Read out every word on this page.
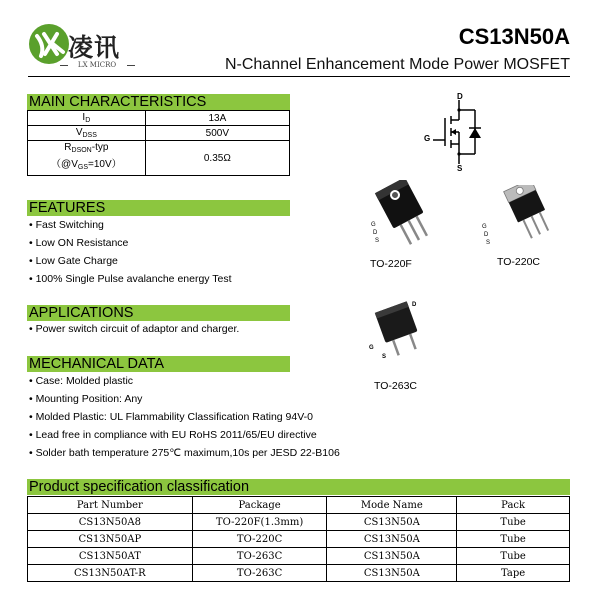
凌讯
LX MICRO
CS13N50A
N-Channel Enhancement Mode Power MOSFET
MAIN CHARACTERISTICS
$I_D$	13A
$V_{DSS}$	500V
$R_{DSON}$-typ
$(@V_{GS}=10V)$	0.35Ω
FEATURES
• Fast Switching
• Low ON Resistance
• Low Gate Charge
• 100% Single Pulse avalanche energy Test
APPLICATIONS
• Power switch circuit of adaptor and charger.
MECHANICAL DATA
• Case: Molded plastic
• Mounting Position: Any
• Molded Plastic: UL Flammability Classification Rating 94V-0
• Lead free in compliance with EU RoHS 2011/65/EU directive
• Solder bath temperature 275℃ maximum,10s per JESD 22-B106
D
G
S
G
D
S
TO-220F
G
D
S
TO-220C
D
G
S
TO-263C
Product specification classification
Part Number	Package	Mode Name	Pack
CS13N50A8	TO-220F(1.3mm)	CS13N50A	Tube
CS13N50AP	TO-220C	CS13N50A	Tube
CS13N50AT	TO-263C	CS13N50A	Tube
CS13N50AT-R	TO-263C	CS13N50A	Tape
